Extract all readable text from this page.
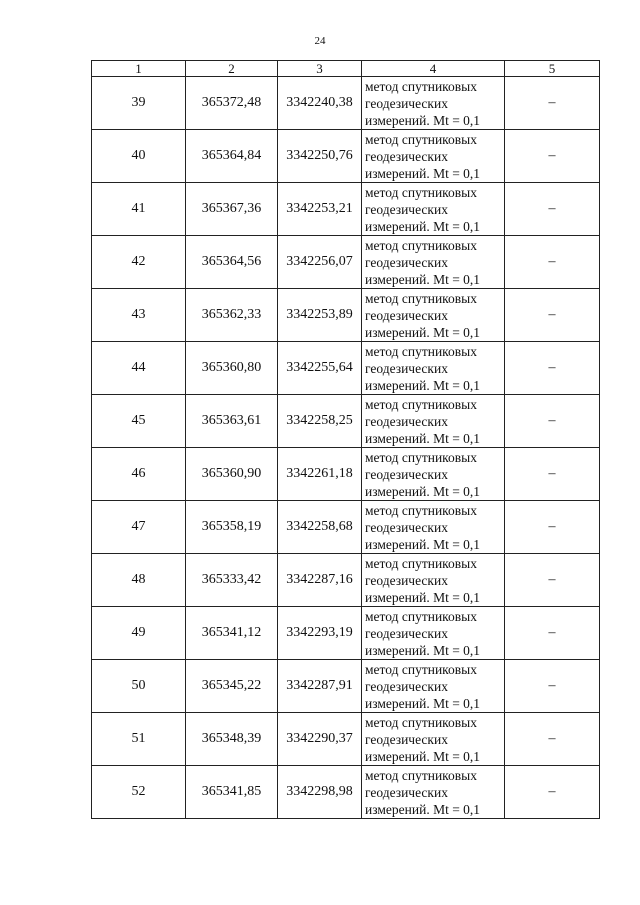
24
1	2	3	4	5
39	365372,48	3342240,38	метод спутниковых
геодезических
измерений. Mt = 0,1	–
40	365364,84	3342250,76	метод спутниковых
геодезических
измерений. Mt = 0,1	–
41	365367,36	3342253,21	метод спутниковых
геодезических
измерений. Mt = 0,1	–
42	365364,56	3342256,07	метод спутниковых
геодезических
измерений. Mt = 0,1	–
43	365362,33	3342253,89	метод спутниковых
геодезических
измерений. Mt = 0,1	–
44	365360,80	3342255,64	метод спутниковых
геодезических
измерений. Mt = 0,1	–
45	365363,61	3342258,25	метод спутниковых
геодезических
измерений. Mt = 0,1	–
46	365360,90	3342261,18	метод спутниковых
геодезических
измерений. Mt = 0,1	–
47	365358,19	3342258,68	метод спутниковых
геодезических
измерений. Mt = 0,1	–
48	365333,42	3342287,16	метод спутниковых
геодезических
измерений. Mt = 0,1	–
49	365341,12	3342293,19	метод спутниковых
геодезических
измерений. Mt = 0,1	–
50	365345,22	3342287,91	метод спутниковых
геодезических
измерений. Mt = 0,1	–
51	365348,39	3342290,37	метод спутниковых
геодезических
измерений. Mt = 0,1	–
52	365341,85	3342298,98	метод спутниковых
геодезических
измерений. Mt = 0,1	–
